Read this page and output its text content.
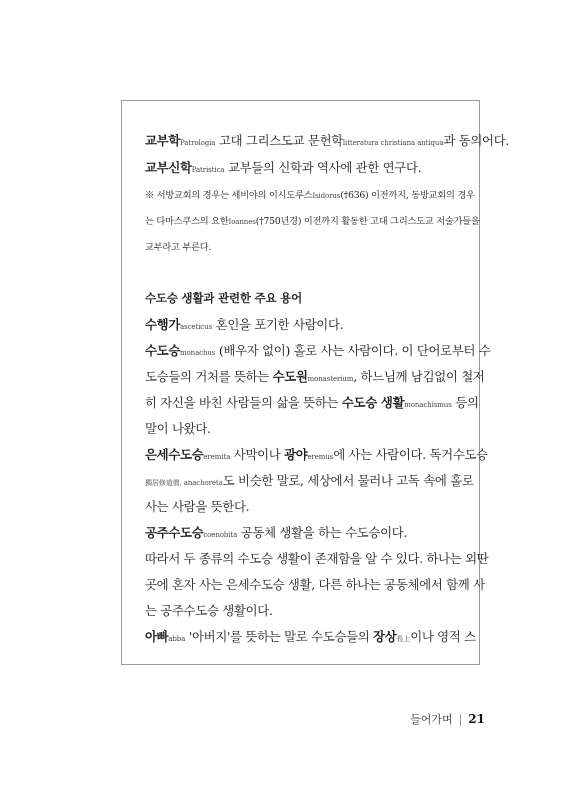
교부학Patrologia 고대 그리스도교 문헌학litteratura christiana antiqua과 동의어다.
교부신학Patristica 교부들의 신학과 역사에 관한 연구다.
※ 서방교회의 경우는 세비야의 이시도루스Isidorus(†636) 이전까지, 동방교회의 경우
는 다마스쿠스의 요한Ioannes(†750년경) 이전까지 활동한 고대 그리스도교 저술가들을
교부라고 부른다.
수도승 생활과 관련한 주요 용어
수행가asceticus 혼인을 포기한 사람이다.
수도승monachus (배우자 없이) 홀로 사는 사람이다. 이 단어로부터 수
도승들의 거처를 뜻하는 수도원monasterium, 하느님께 남김없이 철저
히 자신을 바친 사람들의 삶을 뜻하는 수도승 생활monachismus 등의
말이 나왔다.
은세수도승eremita 사막이나 광야eremus에 사는 사람이다. 독거수도승
獨居修道僧, anachoreta도 비슷한 말로, 세상에서 물러나 고독 속에 홀로
사는 사람을 뜻한다.
공주수도승coenobita 공동체 생활을 하는 수도승이다.
따라서 두 종류의 수도승 생활이 존재함을 알 수 있다. 하나는 외딴
곳에 혼자 사는 은세수도승 생활, 다른 하나는 공동체에서 함께 사
는 공주수도승 생활이다.
아빠abba '아버지'를 뜻하는 말로 수도승들의 장상長上이나 영적 스
들어가며 | 21
